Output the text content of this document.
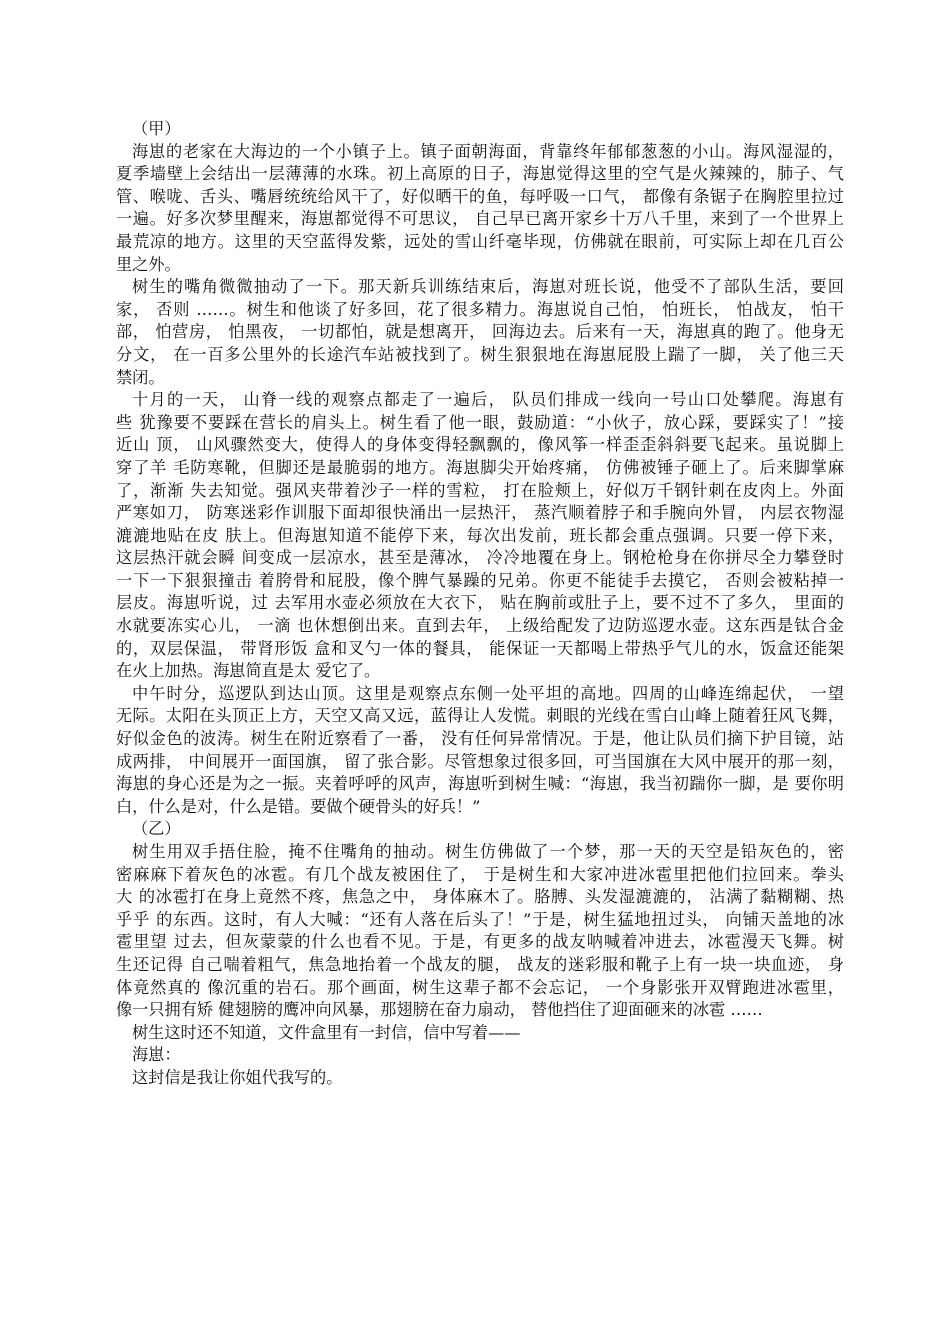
（甲）
海崽的老家在大海边的一个小镇子上。镇子面朝海面，背靠终年郁郁葱葱的小山。海风湿湿的，
夏季墙壁上会结出一层薄薄的水珠。初上高原的日子，海崽觉得这里的空气是火辣辣的，肺子、气
管、喉咙、舌头、嘴唇统统给风干了，好似晒干的鱼，每呼吸一口气， 都像有条锯子在胸腔里拉过
一遍。好多次梦里醒来，海崽都觉得不可思议， 自己早已离开家乡十万八千里，来到了一个世界上
最荒凉的地方。这里的天空蓝得发紫，远处的雪山纤毫毕现，仿佛就在眼前，可实际上却在几百公
里之外。
树生的嘴角微微抽动了一下。那天新兵训练结束后，海崽对班长说，他受不了部队生活，要回
家， 否则 ……。树生和他谈了好多回，花了很多精力。海崽说自己怕， 怕班长， 怕战友， 怕干
部， 怕营房， 怕黑夜， 一切都怕，就是想离开， 回海边去。后来有一天，海崽真的跑了。他身无
分文， 在一百多公里外的长途汽车站被找到了。树生狠狠地在海崽屁股上踹了一脚， 关了他三天
禁闭。
十月的一天， 山脊一线的观察点都走了一遍后， 队员们排成一线向一号山口处攀爬。海崽有
些 犹豫要不要踩在营长的肩头上。树生看了他一眼，鼓励道：“小伙子，放心踩，要踩实了！”接
近山 顶， 山风骤然变大，使得人的身体变得轻飘飘的，像风筝一样歪歪斜斜要飞起来。虽说脚上
穿了羊 毛防寒靴，但脚还是最脆弱的地方。海崽脚尖开始疼痛， 仿佛被锤子砸上了。后来脚掌麻
了，渐渐 失去知觉。强风夹带着沙子一样的雪粒， 打在脸颊上，好似万千钢针刺在皮肉上。外面
严寒如刀， 防寒迷彩作训服下面却很快涌出一层热汗， 蒸汽顺着脖子和手腕向外冒， 内层衣物湿
漉漉地贴在皮 肤上。但海崽知道不能停下来，每次出发前，班长都会重点强调。只要一停下来，
这层热汗就会瞬 间变成一层凉水，甚至是薄冰， 冷冷地覆在身上。钢枪枪身在你拼尽全力攀登时
一下一下狠狠撞击 着胯骨和屁股，像个脾气暴躁的兄弟。你更不能徒手去摸它， 否则会被粘掉一
层皮。海崽听说，过 去军用水壶必须放在大衣下， 贴在胸前或肚子上，要不过不了多久， 里面的
水就要冻实心儿， 一滴 也休想倒出来。直到去年， 上级给配发了边防巡逻水壶。这东西是钛合金
的，双层保温， 带肾形饭 盒和叉勺一体的餐具， 能保证一天都喝上带热乎气儿的水，饭盒还能架
在火上加热。海崽简直是太 爱它了。
中午时分，巡逻队到达山顶。这里是观察点东侧一处平坦的高地。四周的山峰连绵起伏， 一望
无际。太阳在头顶正上方，天空又高又远，蓝得让人发慌。刺眼的光线在雪白山峰上随着狂风飞舞，
好似金色的波涛。树生在附近察看了一番， 没有任何异常情况。于是，他让队员们摘下护目镜，站
成两排， 中间展开一面国旗， 留了张合影。尽管想象过很多回，可当国旗在大风中展开的那一刻，
海崽的身心还是为之一振。夹着呼呼的风声，海崽听到树生喊：“海崽，我当初踹你一脚，是 要你明
白，什么是对，什么是错。要做个硬骨头的好兵！”
（乙）
树生用双手捂住脸，掩不住嘴角的抽动。树生仿佛做了一个梦，那一天的天空是铅灰色的，密
密麻麻下着灰色的冰雹。有几个战友被困住了， 于是树生和大家冲进冰雹里把他们拉回来。拳头
大 的冰雹打在身上竟然不疼，焦急之中， 身体麻木了。胳膊、头发湿漉漉的， 沾满了黏糊糊、热
乎乎 的东西。这时，有人大喊：“还有人落在后头了！”于是，树生猛地扭过头， 向铺天盖地的冰
雹里望 过去，但灰蒙蒙的什么也看不见。于是，有更多的战友呐喊着冲进去，冰雹漫天飞舞。树
生还记得 自己喘着粗气，焦急地抬着一个战友的腿， 战友的迷彩服和靴子上有一块一块血迹， 身
体竟然真的 像沉重的岩石。那个画面，树生这辈子都不会忘记， 一个身影张开双臂跑进冰雹里，
像一只拥有矫 健翅膀的鹰冲向风暴，那翅膀在奋力扇动， 替他挡住了迎面砸来的冰雹 ……
树生这时还不知道，文件盒里有一封信，信中写着——
海崽：
这封信是我让你姐代我写的。
